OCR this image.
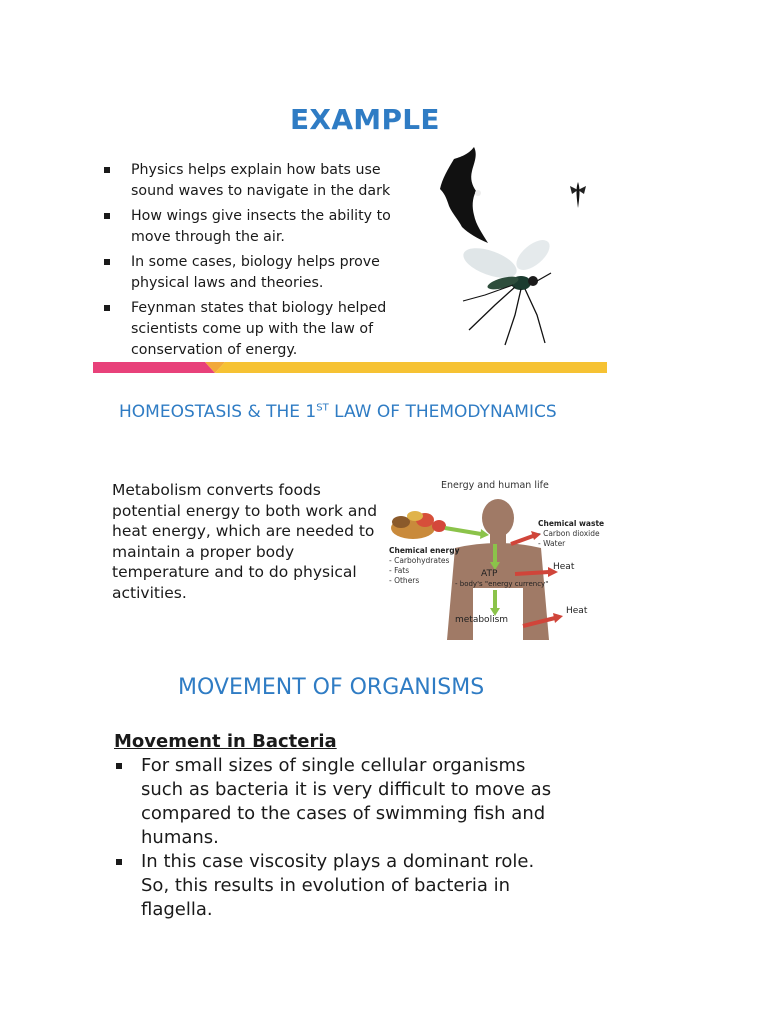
EXAMPLE
Physics helps explain how bats use sound waves to navigate in the dark
How wings give insects the ability to move through the air.
In some cases, biology helps prove physical laws and theories.
Feynman states that biology helped scientists come up with the law of conservation of energy.
HOMEOSTASIS & THE 1ST LAW OF THEMODYNAMICS
Metabolism converts foods potential energy to both work and heat energy, which are needed to maintain a proper body temperature and to do physical activities.
Energy and human life
Chemical energy
- Carbohydrates
- Fats
- Others
Chemical waste
- Carbon dioxide
- Water
ATP
- body's "energy currency"
Heat
Heat
metabolism
MOVEMENT OF ORGANISMS
Movement in Bacteria
For small sizes of single cellular organisms such as bacteria it is very difficult to move as compared to the cases of swimming fish and humans.
In this case viscosity plays a dominant role. So, this results in evolution of bacteria in flagella.
